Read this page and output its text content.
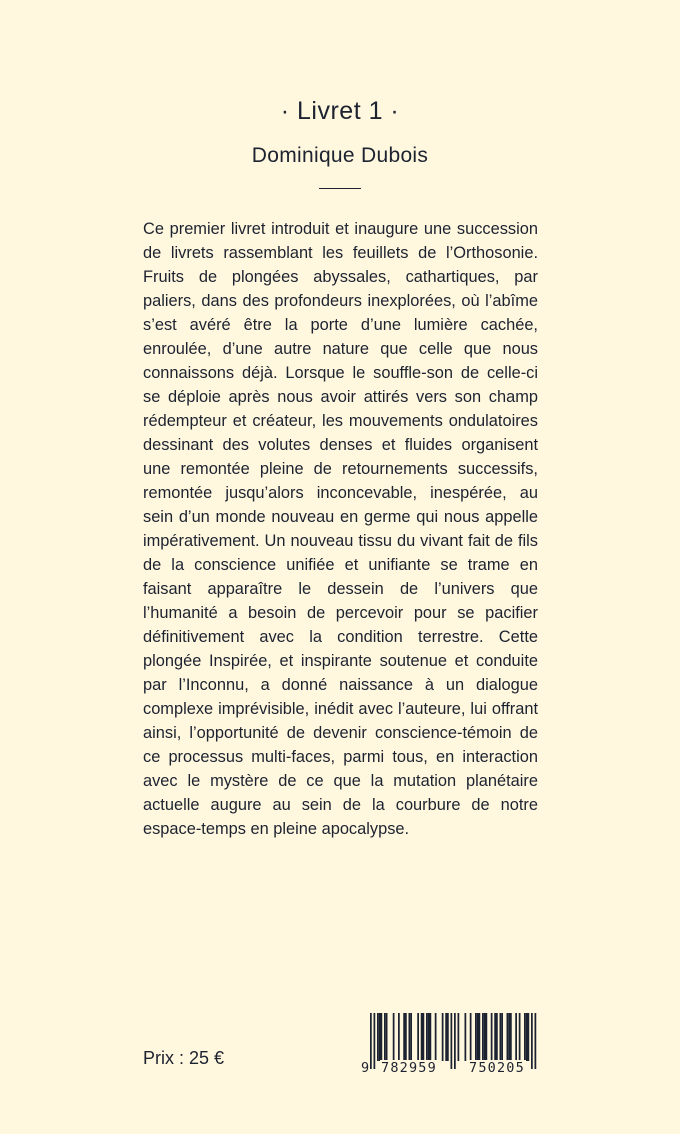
· Livret 1 ·
Dominique Dubois

Ce premier livret introduit et inaugure une succession de livrets rassemblant les feuillets de l’Orthosonie. Fruits de plongées abyssales, cathartiques, par paliers, dans des profondeurs inexplorées, où l’abîme s’est avéré être la porte d’une lumière cachée, enroulée, d’une autre nature que celle que nous connaissons déjà. Lorsque le souffle-son de celle-ci se déploie après nous avoir attirés vers son champ rédempteur et créateur, les mouvements ondulatoires dessinant des volutes denses et fluides organisent une remontée pleine de retournements successifs, remontée jusqu’alors inconcevable, inespérée, au sein d’un monde nouveau en germe qui nous appelle impérativement. Un nouveau tissu du vivant fait de fils de la conscience unifiée et unifiante se trame en faisant apparaître le dessein de l’univers que l’humanité a besoin de percevoir pour se pacifier définitivement avec la condition terrestre. Cette plongée Inspirée, et inspirante soutenue et conduite par l’Inconnu, a donné naissance à un dialogue complexe imprévisible, inédit avec l’auteure, lui offrant ainsi, l’opportunité de devenir conscience-témoin de ce processus multi-faces, parmi tous, en interaction avec le mystère de ce que la mutation planétaire actuelle augure au sein de la courbure de notre espace-temps en pleine apocalypse.

Prix : 25 €	9 782959 750205
